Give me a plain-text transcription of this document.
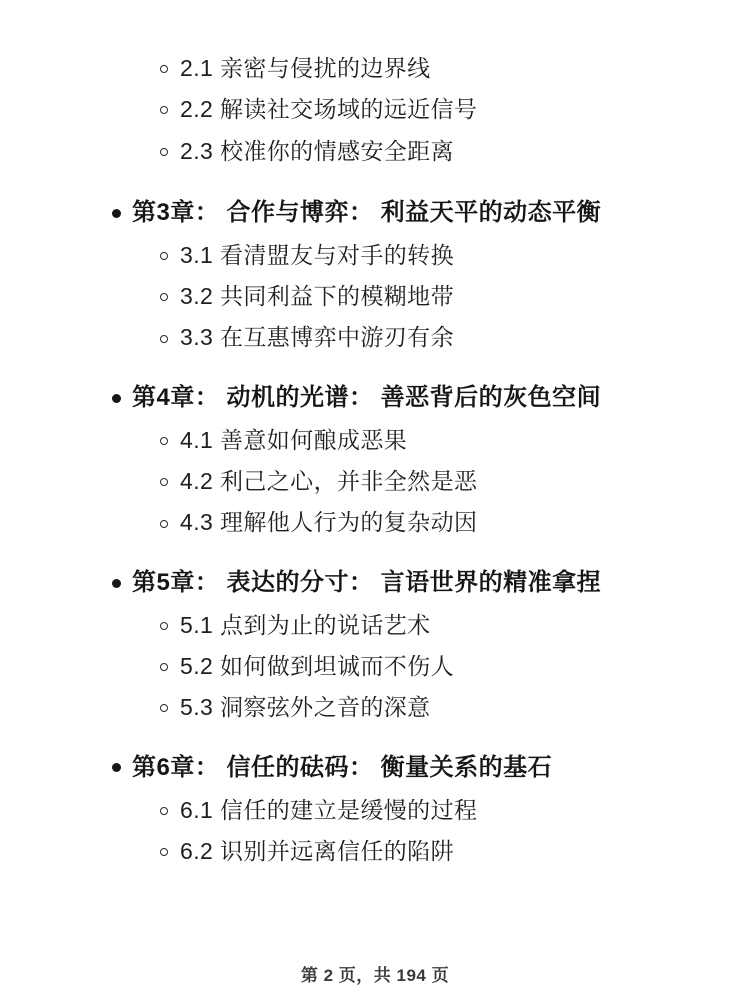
2.1 亲密与侵扰的边界线
2.2 解读社交场域的远近信号
2.3 校准你的情感安全距离
第3章： 合作与博弈： 利益天平的动态平衡
3.1 看清盟友与对手的转换
3.2 共同利益下的模糊地带
3.3 在互惠博弈中游刃有余
第4章： 动机的光谱： 善恶背后的灰色空间
4.1 善意如何酿成恶果
4.2 利己之心，并非全然是恶
4.3 理解他人行为的复杂动因
第5章： 表达的分寸： 言语世界的精准拿捏
5.1 点到为止的说话艺术
5.2 如何做到坦诚而不伤人
5.3 洞察弦外之音的深意
第6章： 信任的砝码： 衡量关系的基石
6.1 信任的建立是缓慢的过程
6.2 识别并远离信任的陷阱
第 2 页，共 194 页
